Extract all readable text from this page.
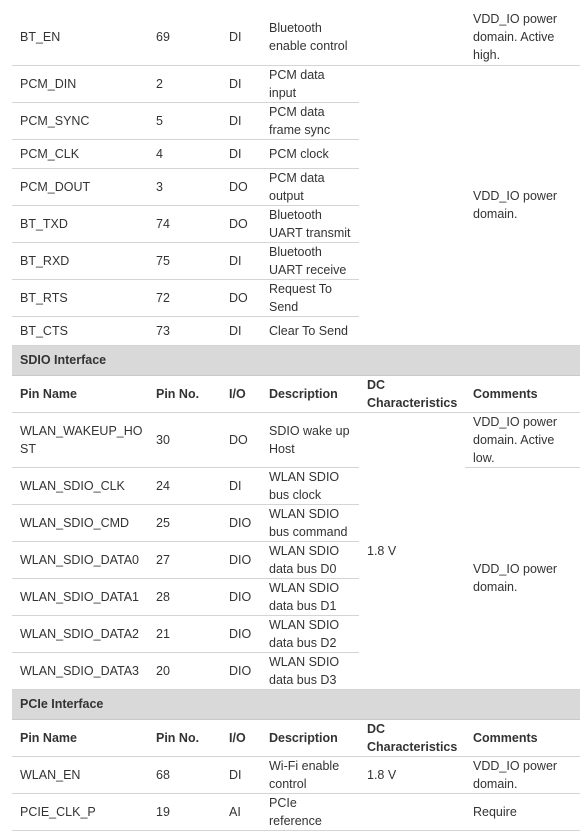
BT_EN	69	DI	Bluetooth enable control		VDD_IO power domain. Active high.
PCM_DIN	2	DI	PCM data input		VDD_IO power domain.
PCM_SYNC	5	DI	PCM data frame sync		
PCM_CLK	4	DI	PCM clock		
PCM_DOUT	3	DO	PCM data output		
BT_TXD	74	DO	Bluetooth UART transmit		
BT_RXD	75	DI	Bluetooth UART receive		
BT_RTS	72	DO	Request To Send		
BT_CTS	73	DI	Clear To Send		
SDIO Interface					
Pin Name	Pin No.	I/O	Description	DC Characteristics	Comments
WLAN_WAKEUP_HO ST	30	DO	SDIO wake up Host	1.8 V	VDD_IO power domain. Active low.
WLAN_SDIO_CLK	24	DI	WLAN SDIO bus clock		VDD_IO power domain.
WLAN_SDIO_CMD	25	DIO	WLAN SDIO bus command		
WLAN_SDIO_DATA0	27	DIO	WLAN SDIO data bus D0		
WLAN_SDIO_DATA1	28	DIO	WLAN SDIO data bus D1		
WLAN_SDIO_DATA2	21	DIO	WLAN SDIO data bus D2		
WLAN_SDIO_DATA3	20	DIO	WLAN SDIO data bus D3		
PCIe Interface					
Pin Name	Pin No.	I/O	Description	DC Characteristics	Comments
WLAN_EN	68	DI	Wi-Fi enable control	1.8 V	VDD_IO power domain.
PCIE_CLK_P	19	AI	PCIe reference		Require
